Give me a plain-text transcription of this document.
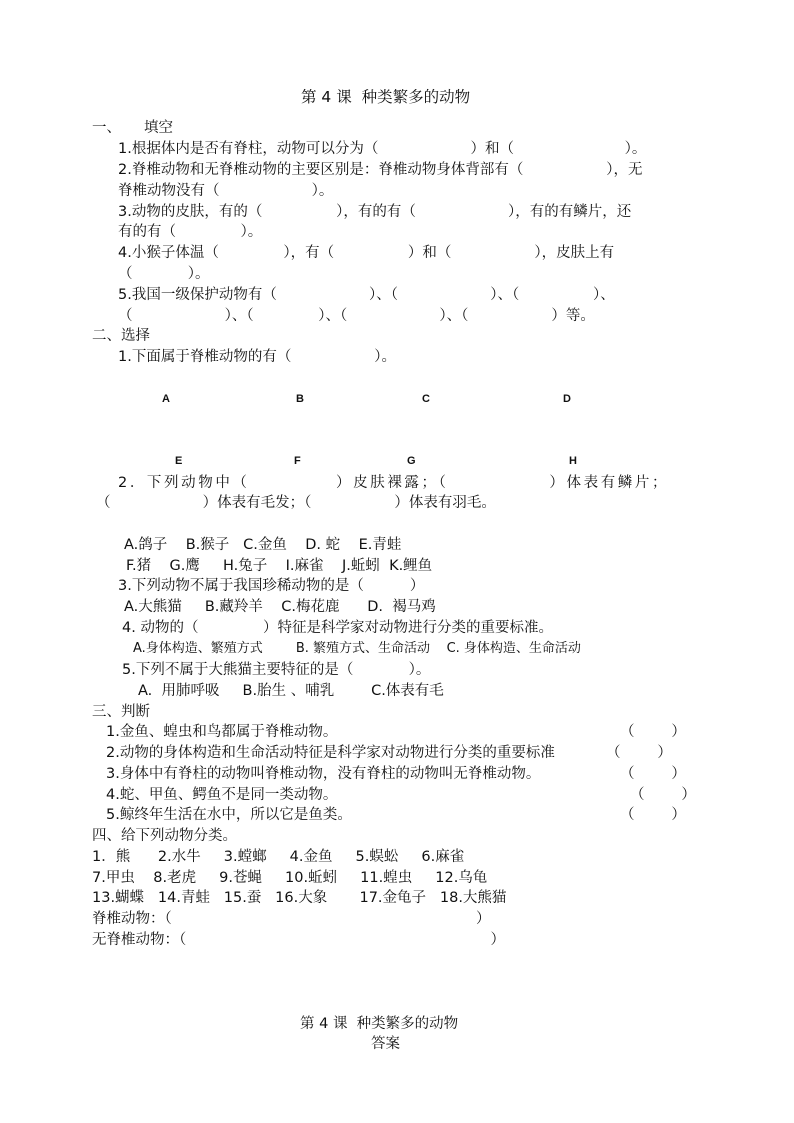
第 4 课  种类繁多的动物
一、     填空
1.根据体内是否有脊柱，动物可以分为（                    ）和（                        ）。
2.脊椎动物和无脊椎动物的主要区别是：脊椎动物身体背部有（                  ），无
脊椎动物没有（                    ）。
3.动物的皮肤，有的（                ），有的有（                    ），有的有鳞片，还
有的有（              ）。
4.小猴子体温（              ），有（                ）和（                  ），皮肤上有
（            ）。
5.我国一级保护动物有（                    ）、（                    ）、（                ）、
（                    ）、（              ）、（                    ）、（                  ）等。
二、选择
1.下面属于脊椎动物的有（                  ）。
A	B	C	D
E	F	G	H
2．下列动物中（            ）皮肤裸露；（              ）体表有鳞片；
（                    ）体表有毛发；（                  ）体表有羽毛。
A.鸽子    B.猴子   C.金鱼    D. 蛇    E.青蛙
F.猪    G.鹰     H.兔子    I.麻雀    J.蚯蚓  K.鲤鱼
3.下列动物不属于我国珍稀动物的是（          ）
A.大熊猫     B.藏羚羊    C.梅花鹿      D.  褐马鸡
4. 动物的（              ）特征是科学家对动物进行分类的重要标准。
A.身体构造、繁殖方式        B. 繁殖方式、生命活动    C. 身体构造、生命活动
5.下列不属于大熊猫主要特征的是（            ）。
A.  用肺呼吸     B.胎生 、哺乳        C.体表有毛
三、判断
1.金鱼、蝗虫和鸟都属于脊椎动物。	（        ）
2.动物的身体构造和生命活动特征是科学家对动物进行分类的重要标准	（        ）
3.身体中有脊柱的动物叫脊椎动物，没有脊柱的动物叫无脊椎动物。	（        ）
4.蛇、甲鱼、鳄鱼不是同一类动物。	（        ）
5.鲸终年生活在水中，所以它是鱼类。	（        ）
四、给下列动物分类。
1．熊      2.水牛     3.螳螂     4.金鱼     5.蜈蚣     6.麻雀
7.甲虫    8.老虎     9.苍蝇     10.蚯蚓     11.蝗虫     12.乌龟
13.蝴蝶   14.青蛙   15.蚕   16.大象       17.金龟子   18.大熊猫
脊椎动物：（                                                                  ）
无脊椎动物：（                                                                  ）
第 4 课  种类繁多的动物
答案
